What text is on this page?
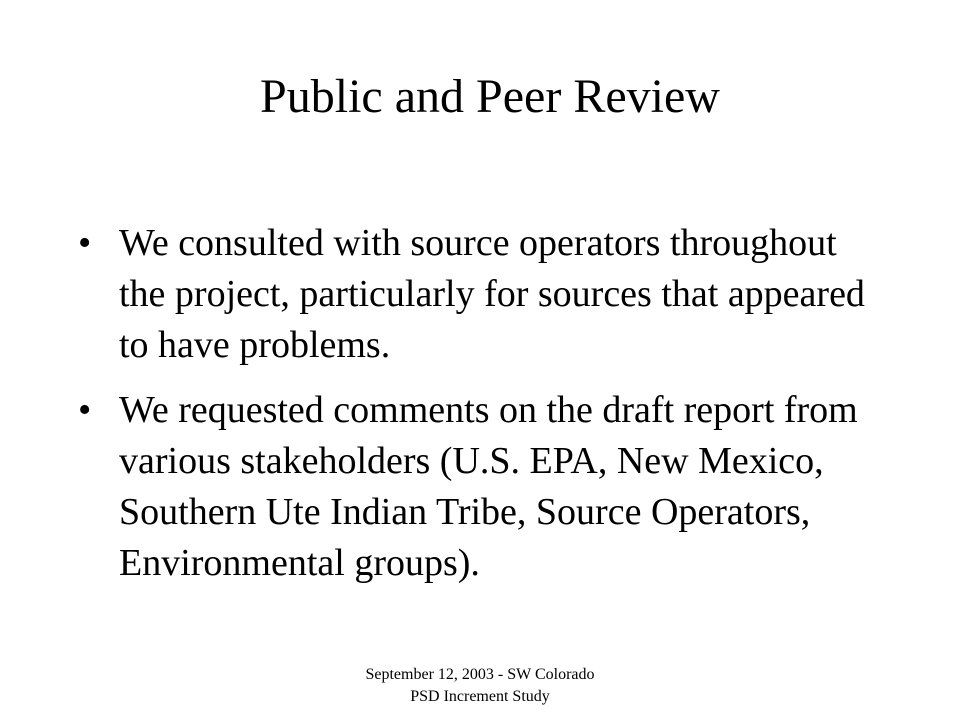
Public and Peer Review
• We consulted with source operators throughout the project, particularly for sources that appeared to have problems.
• We requested comments on the draft report from various stakeholders (U.S. EPA, New Mexico, Southern Ute Indian Tribe, Source Operators, Environmental groups).
September 12, 2003 - SW Colorado
PSD Increment Study
